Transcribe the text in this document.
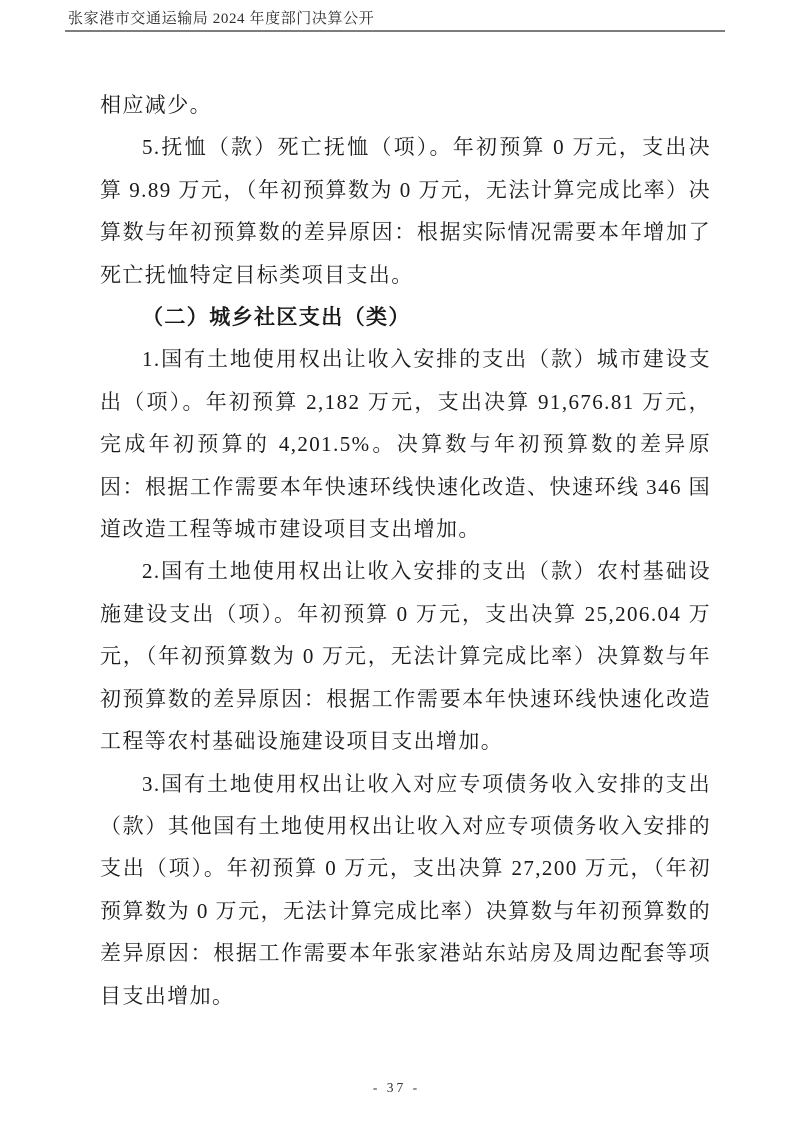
张家港市交通运输局 2024 年度部门决算公开

相应减少。

5.抚恤（款）死亡抚恤（项）。年初预算 0 万元，支出决算 9.89 万元，（年初预算数为 0 万元，无法计算完成比率）决算数与年初预算数的差异原因：根据实际情况需要本年增加了死亡抚恤特定目标类项目支出。

（二）城乡社区支出（类）

1.国有土地使用权出让收入安排的支出（款）城市建设支出（项）。年初预算 2,182 万元，支出决算 91,676.81 万元，完成年初预算的 4,201.5%。决算数与年初预算数的差异原因：根据工作需要本年快速环线快速化改造、快速环线 346 国道改造工程等城市建设项目支出增加。

2.国有土地使用权出让收入安排的支出（款）农村基础设施建设支出（项）。年初预算 0 万元，支出决算 25,206.04 万元，（年初预算数为 0 万元，无法计算完成比率）决算数与年初预算数的差异原因：根据工作需要本年快速环线快速化改造工程等农村基础设施建设项目支出增加。

3.国有土地使用权出让收入对应专项债务收入安排的支出（款）其他国有土地使用权出让收入对应专项债务收入安排的支出（项）。年初预算 0 万元，支出决算 27,200 万元，（年初预算数为 0 万元，无法计算完成比率）决算数与年初预算数的差异原因：根据工作需要本年张家港站东站房及周边配套等项目支出增加。

- 37 -
